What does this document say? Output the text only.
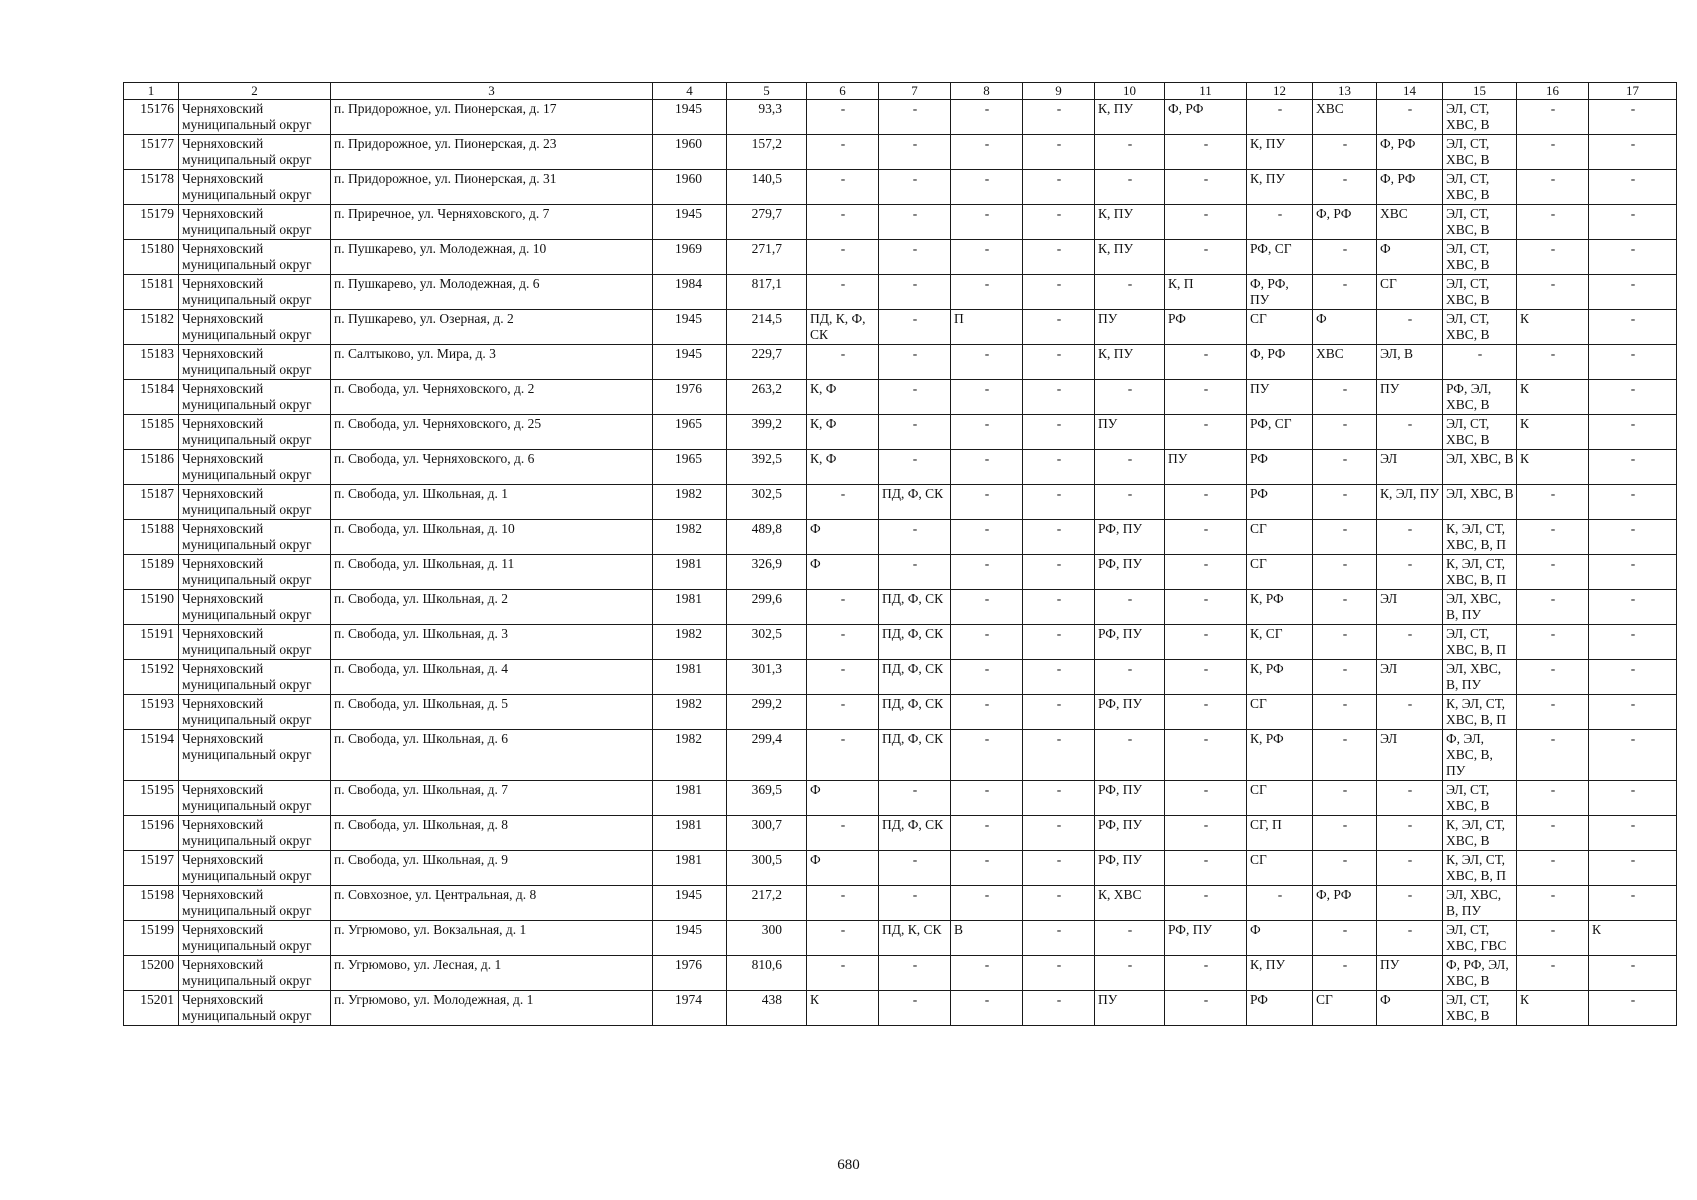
1	2	3	4	5	6	7	8	9	10	11	12	13	14	15	16	17
15176	Черняховский муниципальный округ	п. Придорожное, ул. Пионерская, д. 17	1945	93,3	-	-	-	-	К, ПУ	Ф, РФ	-	ХВС	-	ЭЛ, СТ, ХВС, В	-	-
15177	Черняховский муниципальный округ	п. Придорожное, ул. Пионерская, д. 23	1960	157,2	-	-	-	-	-	-	К, ПУ	-	Ф, РФ	ЭЛ, СТ, ХВС, В	-	-
15178	Черняховский муниципальный округ	п. Придорожное, ул. Пионерская, д. 31	1960	140,5	-	-	-	-	-	-	К, ПУ	-	Ф, РФ	ЭЛ, СТ, ХВС, В	-	-
15179	Черняховский муниципальный округ	п. Приречное, ул. Черняховского, д. 7	1945	279,7	-	-	-	-	К, ПУ	-	-	Ф, РФ	ХВС	ЭЛ, СТ, ХВС, В	-	-
15180	Черняховский муниципальный округ	п. Пушкарево, ул. Молодежная, д. 10	1969	271,7	-	-	-	-	К, ПУ	-	РФ, СГ	-	Ф	ЭЛ, СТ, ХВС, В	-	-
15181	Черняховский муниципальный округ	п. Пушкарево, ул. Молодежная, д. 6	1984	817,1	-	-	-	-	-	К, П	Ф, РФ, ПУ	-	СГ	ЭЛ, СТ, ХВС, В	-	-
15182	Черняховский муниципальный округ	п. Пушкарево, ул. Озерная, д. 2	1945	214,5	ПД, К, Ф, СК	-	П	-	ПУ	РФ	СГ	Ф	-	ЭЛ, СТ, ХВС, В	К	-
15183	Черняховский муниципальный округ	п. Салтыково, ул. Мира, д. 3	1945	229,7	-	-	-	-	К, ПУ	-	Ф, РФ	ХВС	ЭЛ, В	-	-	-
15184	Черняховский муниципальный округ	п. Свобода, ул. Черняховского, д. 2	1976	263,2	К, Ф	-	-	-	-	-	ПУ	-	ПУ	РФ, ЭЛ, ХВС, В	К	-
15185	Черняховский муниципальный округ	п. Свобода, ул. Черняховского, д. 25	1965	399,2	К, Ф	-	-	-	ПУ	-	РФ, СГ	-	-	ЭЛ, СТ, ХВС, В	К	-
15186	Черняховский муниципальный округ	п. Свобода, ул. Черняховского, д. 6	1965	392,5	К, Ф	-	-	-	-	ПУ	РФ	-	ЭЛ	ЭЛ, ХВС, В	К	-
15187	Черняховский муниципальный округ	п. Свобода, ул. Школьная, д. 1	1982	302,5	-	ПД, Ф, СК	-	-	-	-	РФ	-	К, ЭЛ, ПУ	ЭЛ, ХВС, В	-	-
15188	Черняховский муниципальный округ	п. Свобода, ул. Школьная, д. 10	1982	489,8	Ф	-	-	-	РФ, ПУ	-	СГ	-	-	К, ЭЛ, СТ, ХВС, В, П	-	-
15189	Черняховский муниципальный округ	п. Свобода, ул. Школьная, д. 11	1981	326,9	Ф	-	-	-	РФ, ПУ	-	СГ	-	-	К, ЭЛ, СТ, ХВС, В, П	-	-
15190	Черняховский муниципальный округ	п. Свобода, ул. Школьная, д. 2	1981	299,6	-	ПД, Ф, СК	-	-	-	-	К, РФ	-	ЭЛ	ЭЛ, ХВС, В, ПУ	-	-
15191	Черняховский муниципальный округ	п. Свобода, ул. Школьная, д. 3	1982	302,5	-	ПД, Ф, СК	-	-	РФ, ПУ	-	К, СГ	-	-	ЭЛ, СТ, ХВС, В, П	-	-
15192	Черняховский муниципальный округ	п. Свобода, ул. Школьная, д. 4	1981	301,3	-	ПД, Ф, СК	-	-	-	-	К, РФ	-	ЭЛ	ЭЛ, ХВС, В, ПУ	-	-
15193	Черняховский муниципальный округ	п. Свобода, ул. Школьная, д. 5	1982	299,2	-	ПД, Ф, СК	-	-	РФ, ПУ	-	СГ	-	-	К, ЭЛ, СТ, ХВС, В, П	-	-
15194	Черняховский муниципальный округ	п. Свобода, ул. Школьная, д. 6	1982	299,4	-	ПД, Ф, СК	-	-	-	-	К, РФ	-	ЭЛ	Ф, ЭЛ, ХВС, В, ПУ	-	-
15195	Черняховский муниципальный округ	п. Свобода, ул. Школьная, д. 7	1981	369,5	Ф	-	-	-	РФ, ПУ	-	СГ	-	-	ЭЛ, СТ, ХВС, В	-	-
15196	Черняховский муниципальный округ	п. Свобода, ул. Школьная, д. 8	1981	300,7	-	ПД, Ф, СК	-	-	РФ, ПУ	-	СГ, П	-	-	К, ЭЛ, СТ, ХВС, В	-	-
15197	Черняховский муниципальный округ	п. Свобода, ул. Школьная, д. 9	1981	300,5	Ф	-	-	-	РФ, ПУ	-	СГ	-	-	К, ЭЛ, СТ, ХВС, В, П	-	-
15198	Черняховский муниципальный округ	п. Совхозное, ул. Центральная, д. 8	1945	217,2	-	-	-	-	К, ХВС	-	-	Ф, РФ	-	ЭЛ, ХВС, В, ПУ	-	-
15199	Черняховский муниципальный округ	п. Угрюмово, ул. Вокзальная, д. 1	1945	300	-	ПД, К, СК	В	-	-	РФ, ПУ	Ф	-	-	ЭЛ, СТ, ХВС, ГВС	-	К
15200	Черняховский муниципальный округ	п. Угрюмово, ул. Лесная, д. 1	1976	810,6	-	-	-	-	-	-	К, ПУ	-	ПУ	Ф, РФ, ЭЛ, ХВС, В	-	-
15201	Черняховский муниципальный округ	п. Угрюмово, ул. Молодежная, д. 1	1974	438	К	-	-	-	ПУ	-	РФ	СГ	Ф	ЭЛ, СТ, ХВС, В	К	-
680
